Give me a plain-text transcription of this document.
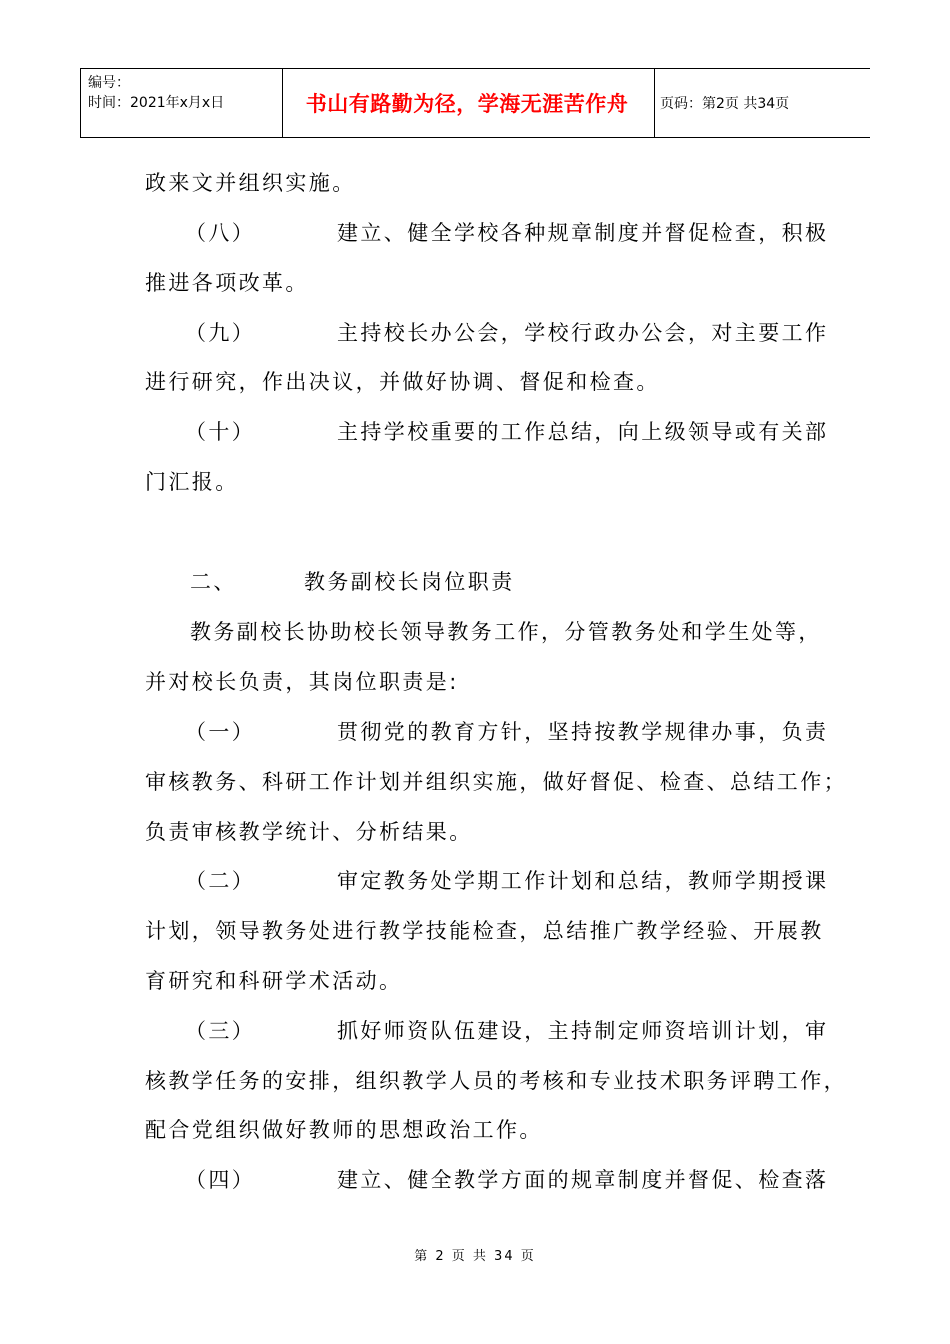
编号：
时间：2021年x月x日	书山有路勤为径，学海无涯苦作舟	页码：第2页 共34页
政来文并组织实施。
（八）	建立、健全学校各种规章制度并督促检查，积极
推进各项改革。
（九）	主持校长办公会，学校行政办公会，对主要工作
进行研究，作出决议，并做好协调、督促和检查。
（十）	主持学校重要的工作总结，向上级领导或有关部
门汇报。
二、	教务副校长岗位职责
教务副校长协助校长领导教务工作，分管教务处和学生处等，
并对校长负责，其岗位职责是:
（一）	贯彻党的教育方针，坚持按教学规律办事，负责
审核教务、科研工作计划并组织实施，做好督促、检查、总结工作；
负责审核教学统计、分析结果。
（二）	审定教务处学期工作计划和总结，教师学期授课
计划，领导教务处进行教学技能检查，总结推广教学经验、开展教
育研究和科研学术活动。
（三）	抓好师资队伍建设，主持制定师资培训计划，审
核教学任务的安排，组织教学人员的考核和专业技术职务评聘工作，
配合党组织做好教师的思想政治工作。
（四）	建立、健全教学方面的规章制度并督促、检查落
第 2 页 共 34 页
